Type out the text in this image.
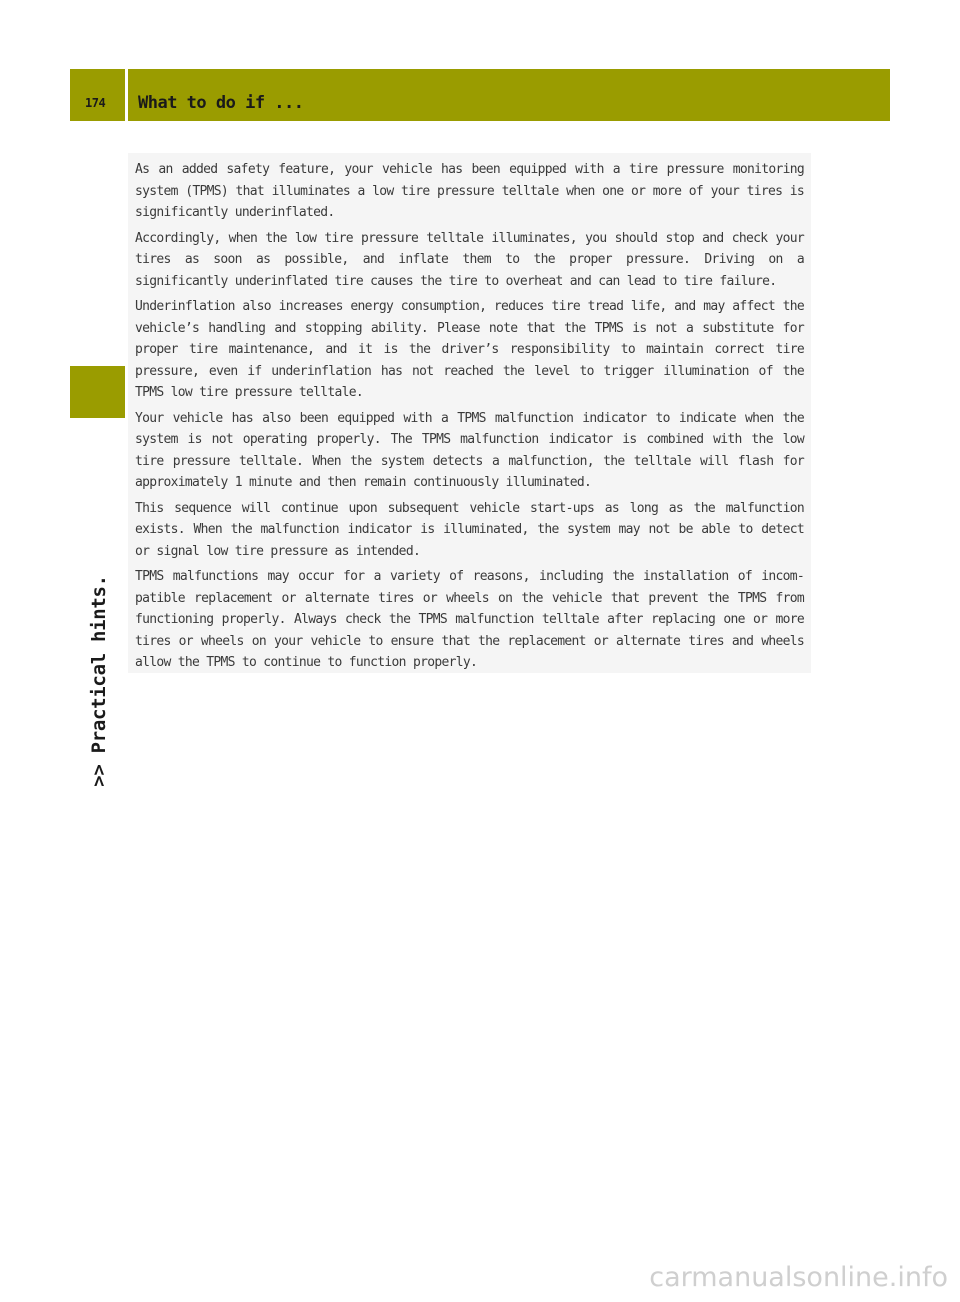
174 What to do if ...
>> Practical hints.

As an added safety feature, your vehicle has been equipped with a tire pressure monitoring system (TPMS) that illuminates a low tire pressure telltale when one or more of your tires is significantly underinflated.

Accordingly, when the low tire pressure telltale illuminates, you should stop and check your tires as soon as possible, and inflate them to the proper pressure. Driving on a significantly underinflated tire causes the tire to overheat and can lead to tire failure.

Underinflation also increases energy consumption, reduces tire tread life, and may affect the vehicle’s handling and stopping ability. Please note that the TPMS is not a substitute for proper tire maintenance, and it is the driver’s responsibility to maintain correct tire pressure, even if underinflation has not reached the level to trigger illumination of the TPMS low tire pressure telltale.

Your vehicle has also been equipped with a TPMS malfunction indicator to indicate when the system is not operating properly. The TPMS malfunction indicator is combined with the low tire pressure telltale. When the system detects a malfunction, the telltale will flash for approximately 1 minute and then remain continuously illuminated.

This sequence will continue upon subsequent vehicle start-ups as long as the malfunction exists. When the malfunction indicator is illuminated, the system may not be able to detect or signal low tire pressure as intended.

TPMS malfunctions may occur for a variety of reasons, including the installation of incom-patible replacement or alternate tires or wheels on the vehicle that prevent the TPMS from functioning properly. Always check the TPMS malfunction telltale after replacing one or more tires or wheels on your vehicle to ensure that the replacement or alternate tires and wheels allow the TPMS to continue to function properly.

carmanualsonline.info
